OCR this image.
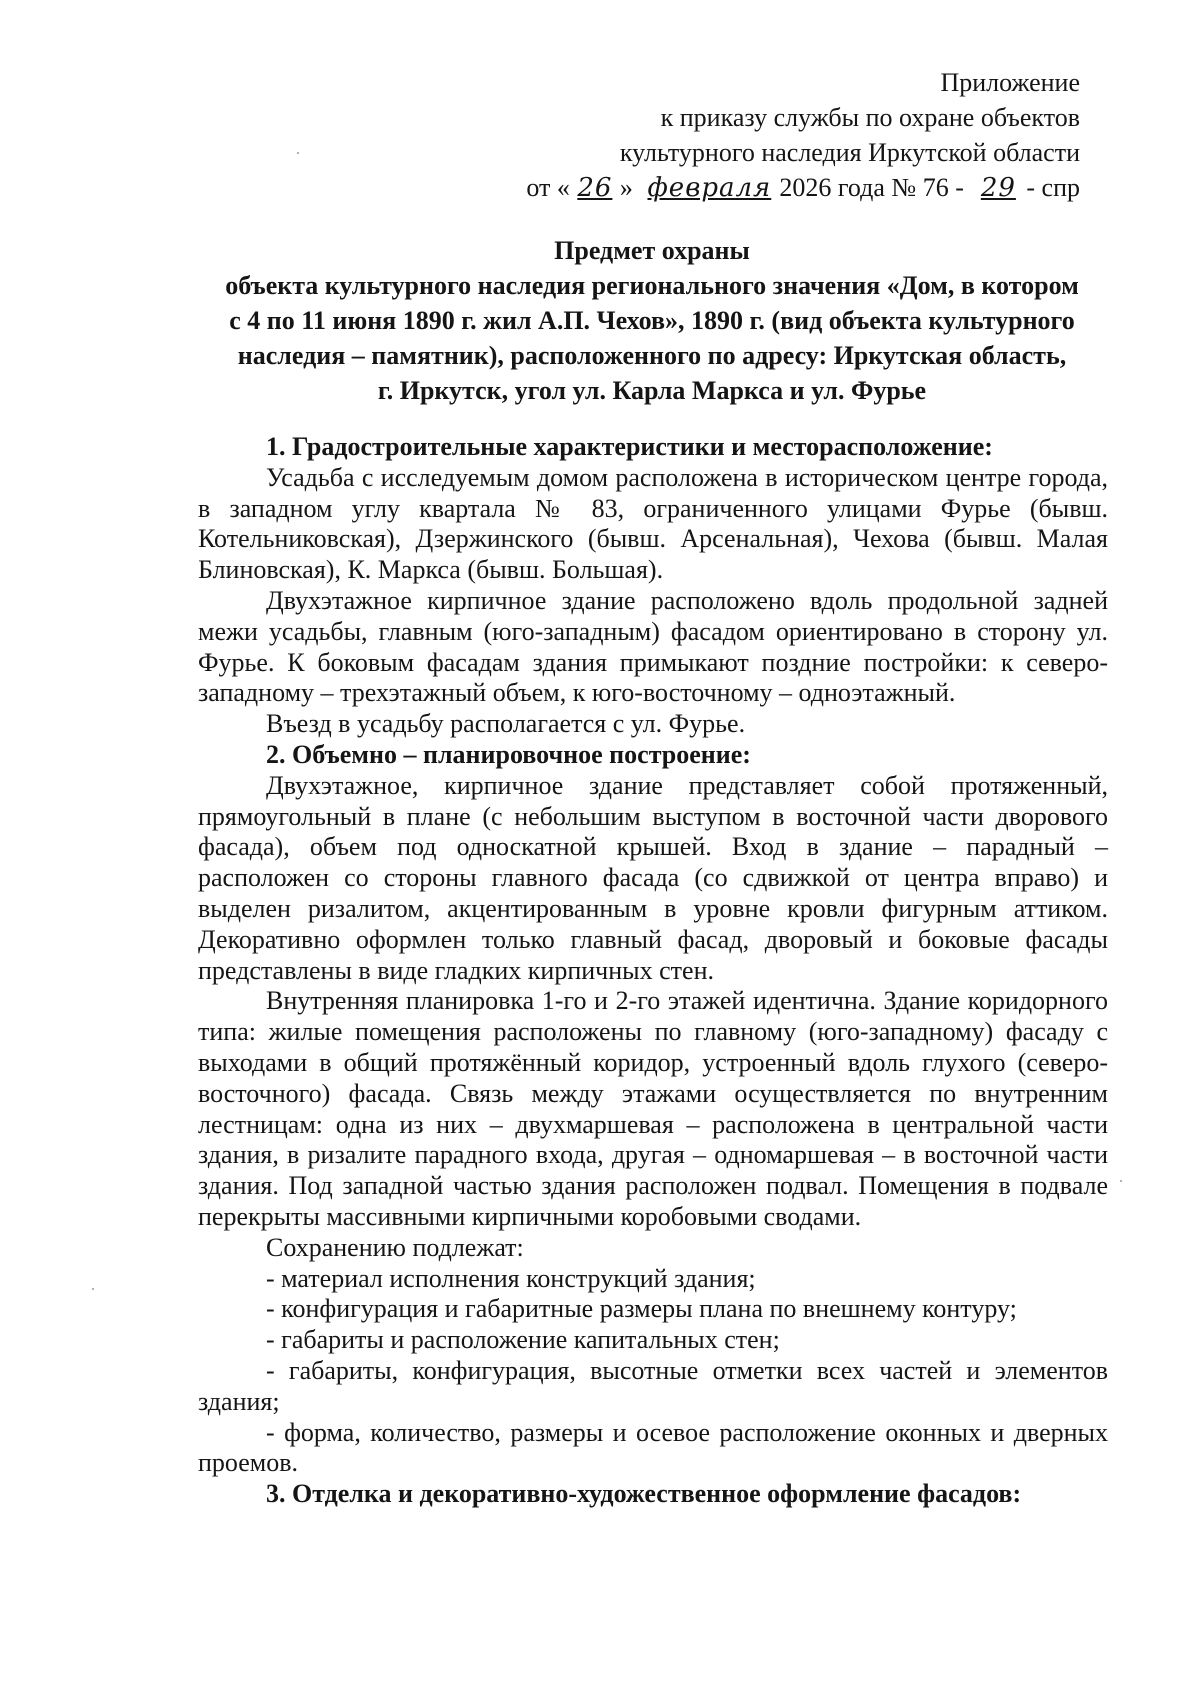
Приложение
к приказу службы по охране объектов
культурного наследия Иркутской области
от « 26 » февраля 2026 года № 76 - 29 - спр
Предмет охраны
объекта культурного наследия регионального значения «Дом, в котором
с 4 по 11 июня 1890 г. жил А.П. Чехов», 1890 г. (вид объекта культурного
наследия – памятник), расположенного по адресу: Иркутская область,
г. Иркутск, угол ул. Карла Маркса и ул. Фурье

1. Градостроительные характеристики и месторасположение:

Усадьба с исследуемым домом расположена в историческом центре города, в западном углу квартала № 83, ограниченного улицами Фурье (бывш. Котельниковская), Дзержинского (бывш. Арсенальная), Чехова (бывш. Малая Блиновская), К. Маркса (бывш. Большая).

Двухэтажное кирпичное здание расположено вдоль продольной задней межи усадьбы, главным (юго-западным) фасадом ориентировано в сторону ул. Фурье. К боковым фасадам здания примыкают поздние постройки: к северо-западному – трехэтажный объем, к юго-восточному – одноэтажный.

Въезд в усадьбу располагается с ул. Фурье.

2. Объемно – планировочное построение:

Двухэтажное, кирпичное здание представляет собой протяженный, прямоугольный в плане (с небольшим выступом в восточной части дворового фасада), объем под односкатной крышей. Вход в здание – парадный – расположен со стороны главного фасада (со сдвижкой от центра вправо) и выделен ризалитом, акцентированным в уровне кровли фигурным аттиком. Декоративно оформлен только главный фасад, дворовый и боковые фасады представлены в виде гладких кирпичных стен.

Внутренняя планировка 1-го и 2-го этажей идентична. Здание коридорного типа: жилые помещения расположены по главному (юго-западному) фасаду с выходами в общий протяжённый коридор, устроенный вдоль глухого (северо-восточного) фасада. Связь между этажами осуществляется по внутренним лестницам: одна из них – двухмаршевая – расположена в центральной части здания, в ризалите парадного входа, другая – одномаршевая – в восточной части здания. Под западной частью здания расположен подвал. Помещения в подвале перекрыты массивными кирпичными коробовыми сводами.

Сохранению подлежат:

- материал исполнения конструкций здания;

- конфигурация и габаритные размеры плана по внешнему контуру;

- габариты и расположение капитальных стен;

- габариты, конфигурация, высотные отметки всех частей и элементов здания;

- форма, количество, размеры и осевое расположение оконных и дверных проемов.

3. Отделка и декоративно-художественное оформление фасадов:
